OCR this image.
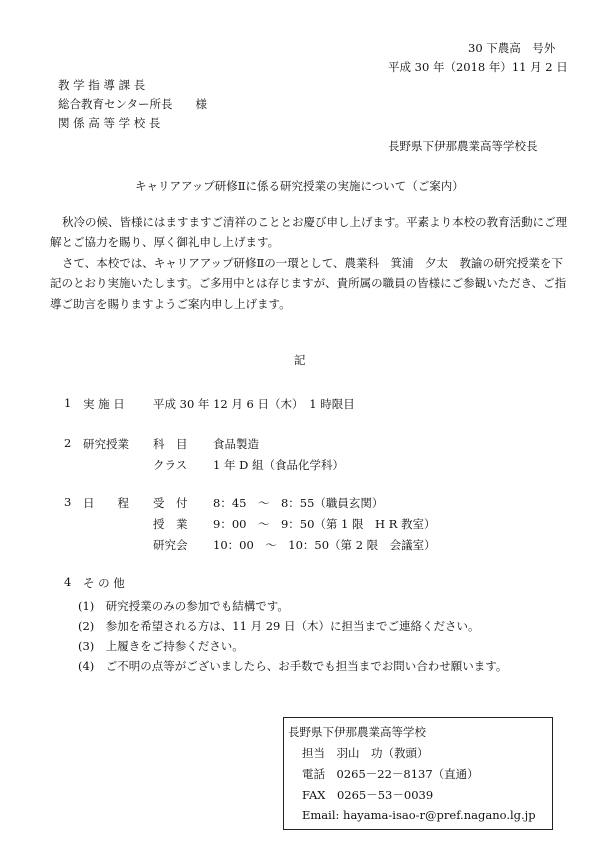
30 下農高　号外
平成 30 年（2018 年）11 月 2 日
教 学 指 導 課 長
総合教育センター所長　　様
関 係 高 等 学 校 長
長野県下伊那農業高等学校長
キャリアアップ研修Ⅱに係る研究授業の実施について（ご案内）
秋冷の候、皆様にはますますご清祥のこととお慶び申し上げます。平素より本校の教育活動にご理
解とご協力を賜り、厚く御礼申し上げます。
さて、本校では、キャリアアップ研修Ⅱの一環として、農業科　箕浦　夕太　教諭の研究授業を下
記のとおり実施いたします。ご多用中とは存じますが、貴所属の職員の皆様にご参観いただき、ご指
導ご助言を賜りますようご案内申し上げます。
記
1 実 施 日 平成 30 年 12 月 6 日（木）　1 時限目
2 研究授業 科　目 食品製造
クラス 1 年 D 組（食品化学科）
3 日　　程 受　付 8：45　～　8：55（職員玄関）
授　業 9：00　～　9：50（第 1 限　H R 教室）
研究会 10：00　～　10：50（第 2 限　会議室）
4 そ の 他
(1)　研究授業のみの参加でも結構です。
(2)　参加を希望される方は、11 月 29 日（木）に担当までご連絡ください。
(3)　上履きをご持参ください。
(4)　ご不明の点等がございましたら、お手数でも担当までお問い合わせ願います。
長野県下伊那農業高等学校
担当　羽山　功（教頭）
電話　0265－22－8137（直通）
FAX　0265－53－0039
Email: hayama-isao-r@pref.nagano.lg.jp
